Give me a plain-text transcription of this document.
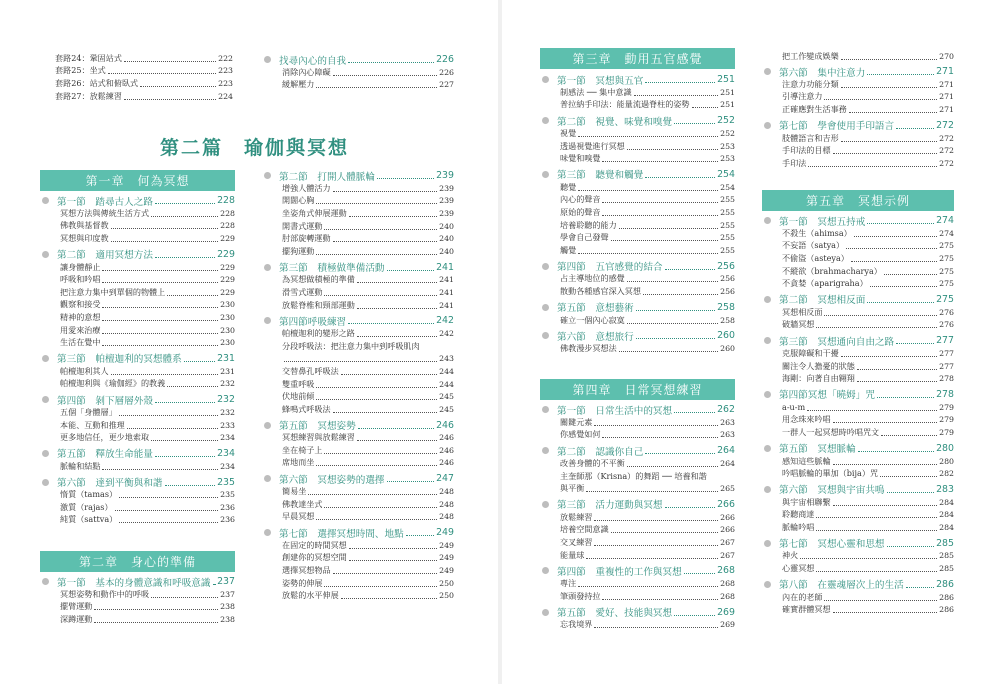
套路24：鞏固站式	222
套路25：坐式	223
套路26：站式和俯臥式	223
套路27：放鬆練習	224
找尋內心的自我	226
消除內心障礙	226
緩解壓力	227
第二篇　瑜伽與冥想
第一章　何為冥想
第一節　踏尋古人之路	228
冥想方法與傳統生活方式	228
佛教與基督教	228
冥想與印度教	229
第二節　適用冥想方法	229
讓身體靜止	229
呼吸和吟唱	229
把注意力集中到單個的物體上	229
觀察和接受	230
精神的意想	230
用愛來治療	230
生活在覺中	230
第三節　帕檀迦利的冥想體系	231
帕檀迦利其人	231
帕檀迦利與《瑜伽經》的教義	232
第四節　剝下層層外殼	232
五個「身體層」	232
本能、互動和推理	233
更多地信任，更少地索取	234
第五節　釋放生命能量	234
脈輪和結點	234
第六節　達到平衡與和諧	235
惰質（tamas）	235
激質（rajas）	236
純質（sattva）	236
第二章　身心的準備
第一節　基本的身體意識和呼吸意識 237
冥想姿勢和動作中的呼吸	237
擺臂運動	238
深蹲運動	238
第二節　打開人體脈輪	239
增強人體活力	239
開闊心胸	239
坐姿角式伸展運動	239
開書式運動	240
肘部旋轉運動	240
擺狗運動	240
第三節　積極做準備活動	241
為冥想做積極的準備	241
滑雪式運動	241
放鬆脊椎和頸部運動	241
第四節呼吸練習	242
帕檀迦利的變形之路	242
分段呼吸法：把注意力集中到呼吸肌肉
243
交替鼻孔呼吸法	244
雙重呼吸	244
伏地前傾	245
蜂鳴式呼吸法	245
第五節　冥想姿勢	246
冥想練習與放鬆練習	246
坐在椅子上	246
席地而坐	246
第六節　冥想姿勢的選擇	247
簡易坐	248
佛教達坐式	248
早晨冥想	248
第七節　選擇冥想時間、地點	249
在固定的時間冥想	249
創建你的冥想空間	249
選擇冥想物品	249
姿勢的伸展	250
放鬆的水平伸展	250
第三章　動用五官感覺
第一節　冥想與五官	251
制感法 ── 集中意識	251
普拉納手印法：能量流過脊柱的姿勢	251
第二節　視覺、味覺和嗅覺	252
視覺	252
透過視覺進行冥想	253
味覺和嗅覺	253
第三節　聽覺和觸覺	254
聽覺	254
內心的聲音	255
原始的聲音	255
培養聆聽的能力	255
學會自己發聲	255
觸覺	255
第四節　五官感覺的結合	256
占主導地位的感覺	256
散動各種感官深入冥想	256
第五節　意想藝術	258
確立一個內心寂寞	258
第六節　意想旅行	260
佛教漫步冥想法	260
第四章　日常冥想練習
第一節　日常生活中的冥想	262
關鍵元素	263
你感覺如何	263
第二節　認識你自己	264
改善身體的不平衡	264
主奎師那（Krisna）的舞蹈 ── 培養和諧
與平衡	265
第三節　活力運動與冥想	266
放鬆練習	266
培養空間意識	266
交叉練習	267
能量球	267
第四節　重複性的工作與冥想	268
專注	268
筆頭發持拉	268
第五節　愛好、技能與冥想	269
忘我境界	269
把工作變成娛樂	270
第六節　集中注意力	271
注意力功能分類	271
引導注意力	271
正確應對生活事務	271
第七節　學會使用手印語言	272
肢體語言和吉形	272
手印法的目標	272
手印法	272
第五章　冥想示例
第一節　冥想五持戒	274
不殺生（ahimsa）	274
不妄語（satya）	275
不偷盜（asteya）	275
不縱欲（brahmacharya）	275
不貪婪（aparigraha）	275
第二節　冥想相反面	275
冥想相反面	276
破牆冥想	276
第三節　冥想通向自由之路	277
克服障礙和干擾	277
關注令人擔憂的狀態	277
海剛：向著自由翱翔	278
第四節冥想「曉姆」咒	278
a-u-m	279
用念珠來吟唱	279
一群人一起冥想時吟唱咒文	279
第五節　冥想脈輪	280
感知這些脈輪	280
吟唱脈輪的畢加（bija）咒	282
第六節　冥想與宇宙共鳴	283
與宇宙相聯繫	284
聆聽商達	284
脈輪吟唱	284
第七節　冥想心靈和思想	285
神火	285
心靈冥想	285
第八節　在靈魂層次上的生活	286
內在的老師	286
確實群體冥想	286
